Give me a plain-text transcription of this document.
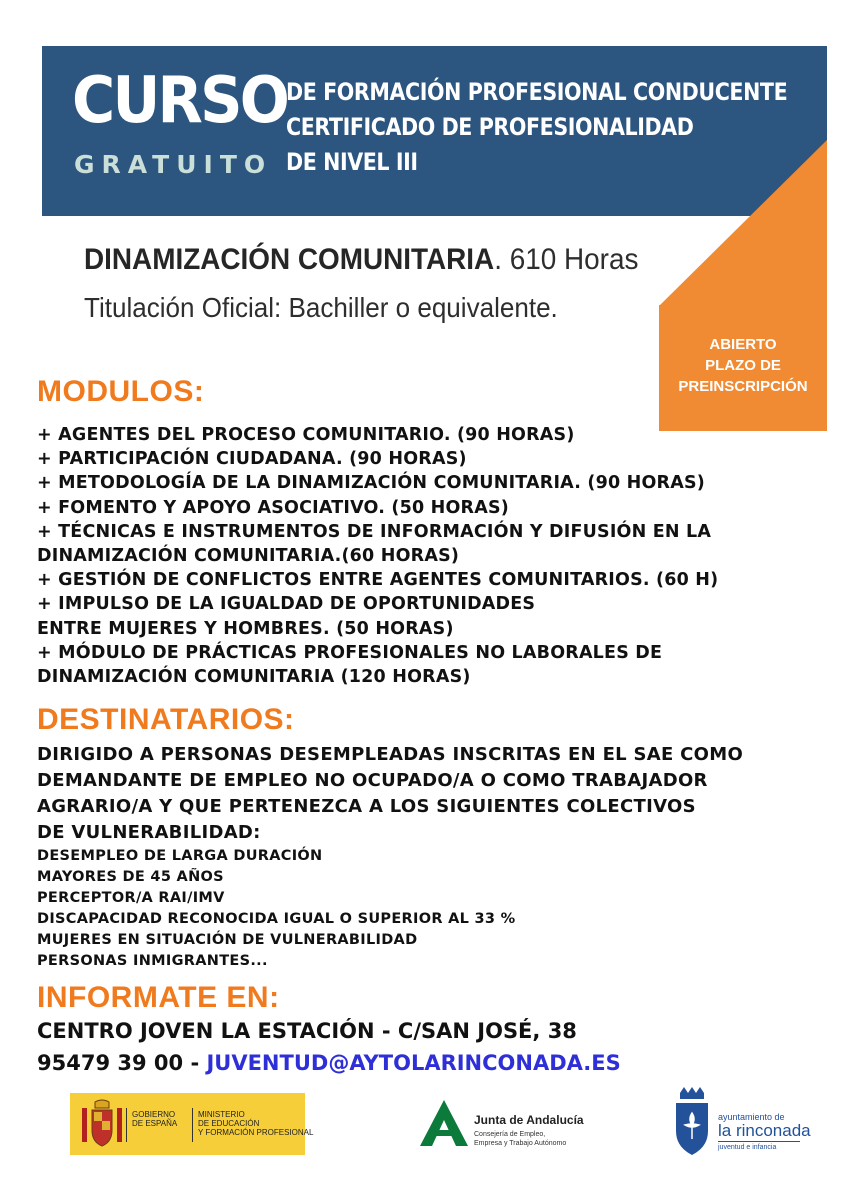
CURSO
GRATUITO
DE FORMACIÓN PROFESIONAL CONDUCENTE
CERTIFICADO DE PROFESIONALIDAD
DE NIVEL III
ABIERTO
PLAZO DE
PREINSCRIPCIÓN
DINAMIZACIÓN COMUNITARIA. 610 Horas
Titulación Oficial: Bachiller o equivalente.
MODULOS:
+ AGENTES DEL PROCESO COMUNITARIO. (90 HORAS)
+ PARTICIPACIÓN CIUDADANA. (90 HORAS)
+ METODOLOGÍA DE LA DINAMIZACIÓN COMUNITARIA. (90 HORAS)
+ FOMENTO Y APOYO ASOCIATIVO. (50 HORAS)
+ TÉCNICAS E INSTRUMENTOS DE INFORMACIÓN Y DIFUSIÓN EN LA
DINAMIZACIÓN COMUNITARIA.(60 HORAS)
+ GESTIÓN DE CONFLICTOS ENTRE AGENTES COMUNITARIOS. (60 H)
+ IMPULSO DE LA IGUALDAD DE OPORTUNIDADES
ENTRE MUJERES Y HOMBRES. (50 HORAS)
+ MÓDULO DE PRÁCTICAS PROFESIONALES NO LABORALES DE
DINAMIZACIÓN COMUNITARIA (120 HORAS)
DESTINATARIOS:
DIRIGIDO A PERSONAS DESEMPLEADAS INSCRITAS EN EL SAE COMO
DEMANDANTE DE EMPLEO NO OCUPADO/A O COMO TRABAJADOR
AGRARIO/A Y QUE PERTENEZCA A LOS SIGUIENTES COLECTIVOS
DE VULNERABILIDAD:
DESEMPLEO DE LARGA DURACIÓN
MAYORES DE 45 AÑOS
PERCEPTOR/A RAI/IMV
DISCAPACIDAD RECONOCIDA IGUAL O SUPERIOR AL 33 %
MUJERES EN SITUACIÓN DE VULNERABILIDAD
PERSONAS INMIGRANTES...
INFORMATE EN:
CENTRO JOVEN LA ESTACIÓN - C/SAN JOSÉ, 38
95479 39 00 - JUVENTUD@AYTOLARINCONADA.ES
GOBIERNO
DE ESPAÑA
MINISTERIO
DE EDUCACIÓN
Y FORMACIÓN PROFESIONAL
Junta de Andalucía
Consejería de Empleo,
Empresa y Trabajo Autónomo
ayuntamiento de
la rinconada
juventud e infancia
